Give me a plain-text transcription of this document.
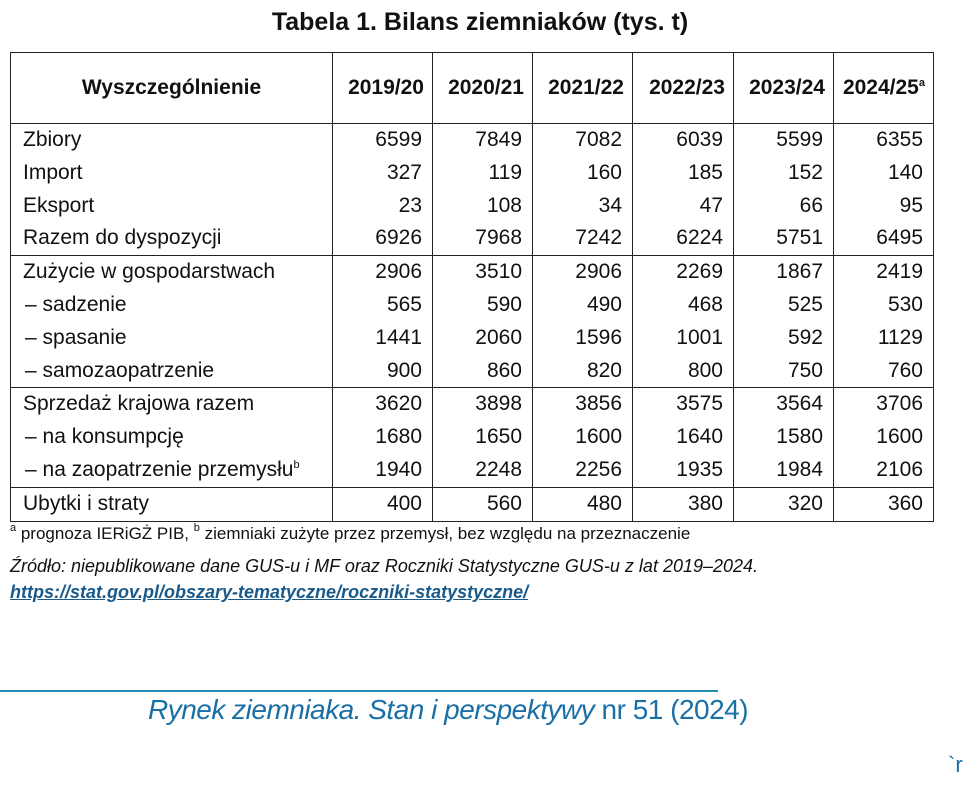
Tabela 1. Bilans ziemniaków (tys. t)
Wyszczególnienie	2019/20	2020/21	2021/22	2022/23	2023/24	2024/25$^a$
Zbiory	6599	7849	7082	6039	5599	6355
Import	327	119	160	185	152	140
Eksport	23	108	34	47	66	95
Razem do dyspozycji	6926	7968	7242	6224	5751	6495
Zużycie w gospodarstwach	2906	3510	2906	2269	1867	2419
– sadzenie	565	590	490	468	525	530
– spasanie	1441	2060	1596	1001	592	1129
– samozaopatrzenie	900	860	820	800	750	760
Sprzedaż krajowa razem	3620	3898	3856	3575	3564	3706
– na konsumpcję	1680	1650	1600	1640	1580	1600
– na zaopatrzenie przemysłu$^b$	1940	2248	2256	1935	1984	2106
Ubytki i straty	400	560	480	380	320	360
$^a$ prognoza IERiGŻ PIB, $^b$ ziemniaki zużyte przez przemysł, bez względu na przeznaczenie
Źródło: niepublikowane dane GUS-u i MF oraz Roczniki Statystyczne GUS-u z lat 2019–2024.
https://stat.gov.pl/obszary-tematyczne/roczniki-statystyczne/
Rynek ziemniaka. Stan i perspektywy nr 51 (2024)
`r
